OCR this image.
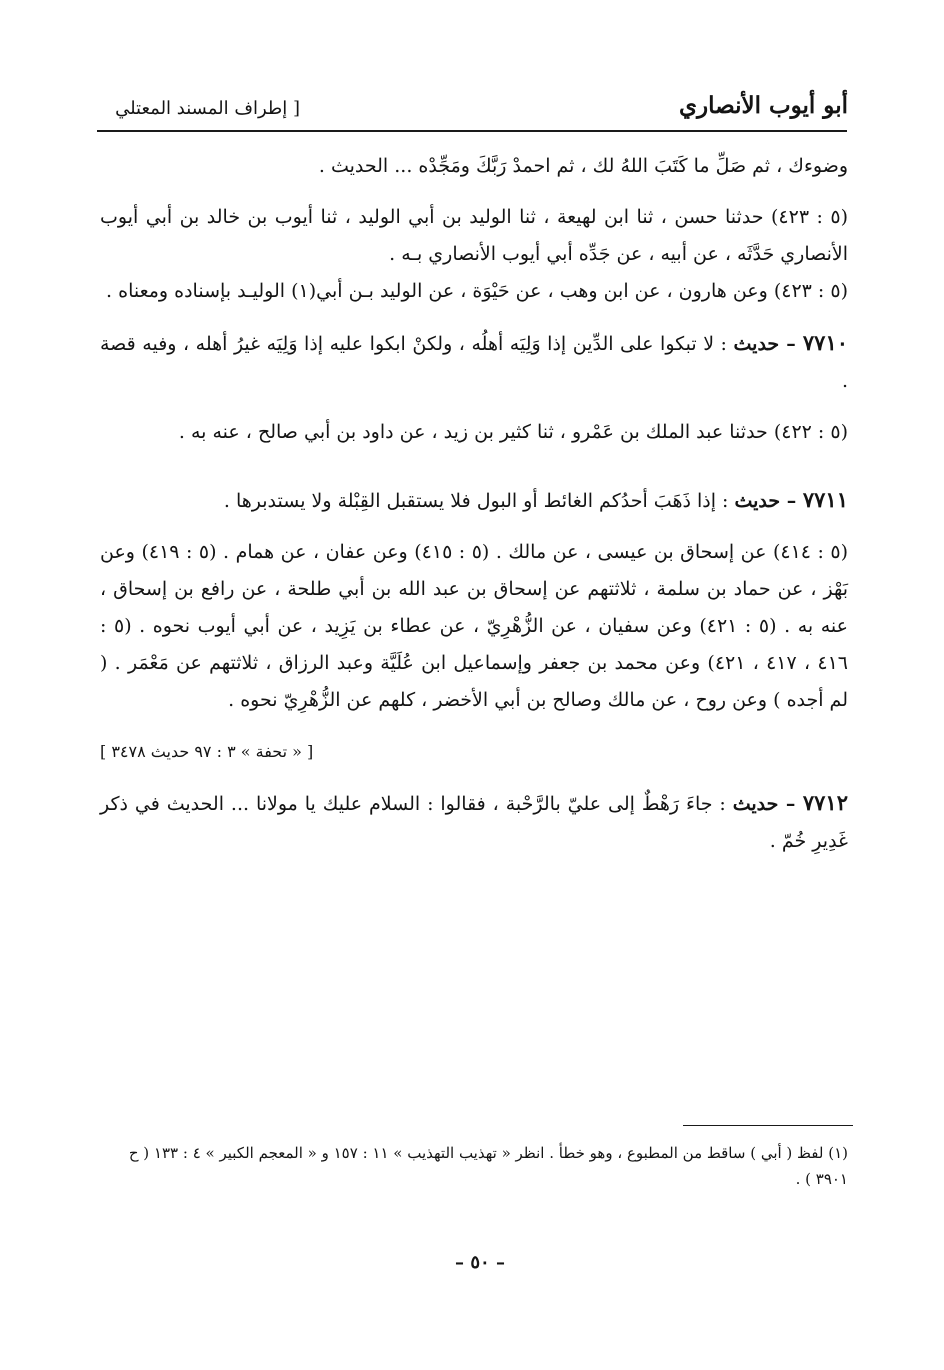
أبو أيوب الأنصاري
[ إطراف المسند المعتلي

وضوءك ، ثم صَلِّ ما كَتَبَ اللهُ لك ، ثم احمدْ رَبَّكَ ومَجِّدْه ... الحديث .

(٥ : ٤٢٣) حدثنا حسن ، ثنا ابن لهيعة ، ثنا الوليد بن أبي الوليد ، ثنا أيوب بن خالد بن أبي أيوب الأنصاري حَدَّثَه ، عن أبيه ، عن جَدِّه أبي أيوب الأنصاري بـه .

(٥ : ٤٢٣) وعن هارون ، عن ابن وهب ، عن حَيْوَة ، عن الوليد بـن أبي(١) الوليـد بإسناده ومعناه .

٧٧١٠ – حديث : لا تبكوا على الدِّين إذا وَلِيَه أهلُه ، ولكنْ ابكوا عليه إذا وَلِيَه غيرُ أهله ، وفيه قصة .

(٥ : ٤٢٢) حدثنا عبد الملك بن عَمْرو ، ثنا كثير بن زيد ، عن داود بن أبي صالح ، عنه به .

٧٧١١ – حديث : إذا ذَهَبَ أحدُكم الغائط أو البول فلا يستقبل القِبْلة ولا يستدبرها .

(٥ : ٤١٤) عن إسحاق بن عيسى ، عن مالك . (٥ : ٤١٥) وعن عفان ، عن همام . (٥ : ٤١٩) وعن بَهْز ، عن حماد بن سلمة ، ثلاثتهم عن إسحاق بن عبد الله بن أبي طلحة ، عن رافع بن إسحاق ، عنه به . (٥ : ٤٢١) وعن سفيان ، عن الزُّهْرِيّ ، عن عطاء بن يَزِيد ، عن أبي أيوب نحوه . (٥ : ٤١٦ ، ٤١٧ ، ٤٢١) وعن محمد بن جعفر وإسماعيل ابن عُلَيَّة وعبد الرزاق ، ثلاثتهم عن مَعْمَر . ( لم أجده ) وعن روح ، عن مالك وصالح بن أبي الأخضر ، كلهم عن الزُّهْرِيّ نحوه .

[ « تحفة » ٣ : ٩٧ حديث ٣٤٧٨ ]

٧٧١٢ – حديث : جاءَ رَهْطٌ إلى عليّ بالرَّحْبة ، فقالوا : السلام عليك يا مولانا ... الحديث في ذكر غَدِيرِ خُمّ .

(١) لفظ ( أبي ) ساقط من المطبوع ، وهو خطأ . انظر « تهذيب التهذيب » ١١ : ١٥٧ و « المعجم الكبير » ٤ : ١٣٣ ( ح ٣٩٠١ ) .

– ٥٠ –
